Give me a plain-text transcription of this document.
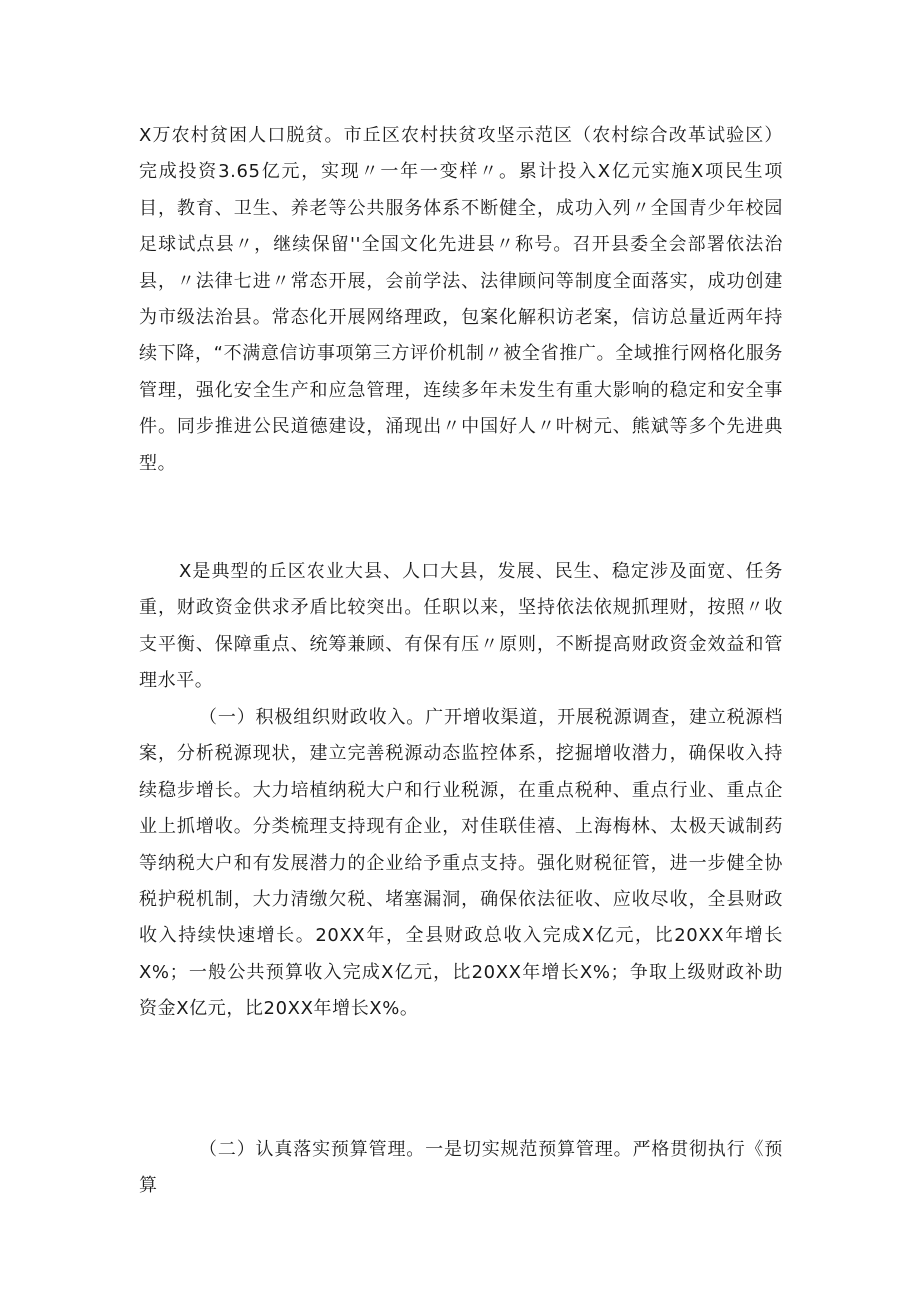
X万农村贫困人口脱贫。市丘区农村扶贫攻坚示范区（农村综合改革试验区）完成投资3.65亿元，实现〃一年一变样〃。累计投入X亿元实施X项民生项目，教育、卫生、养老等公共服务体系不断健全，成功入列〃全国青少年校园足球试点县〃，继续保留''全国文化先进县〃称号。召开县委全会部署依法治县，〃法律七进〃常态开展，会前学法、法律顾问等制度全面落实，成功创建为市级法治县。常态化开展网络理政，包案化解积访老案，信访总量近两年持续下降，“不满意信访事项第三方评价机制〃被全省推广。全域推行网格化服务管理，强化安全生产和应急管理，连续多年未发生有重大影响的稳定和安全事件。同步推进公民道德建设，涌现出〃中国好人〃叶树元、熊斌等多个先进典型。

X是典型的丘区农业大县、人口大县，发展、民生、稳定涉及面宽、任务重，财政资金供求矛盾比较突出。任职以来，坚持依法依规抓理财，按照〃收支平衡、保障重点、统筹兼顾、有保有压〃原则，不断提高财政资金效益和管理水平。

（一）积极组织财政收入。广开增收渠道，开展税源调查，建立税源档案，分析税源现状，建立完善税源动态监控体系，挖掘增收潜力，确保收入持续稳步增长。大力培植纳税大户和行业税源，在重点税种、重点行业、重点企业上抓增收。分类梳理支持现有企业，对佳联佳禧、上海梅林、太极天诚制药等纳税大户和有发展潜力的企业给予重点支持。强化财税征管，进一步健全协税护税机制，大力清缴欠税、堵塞漏洞，确保依法征收、应收尽收，全县财政收入持续快速增长。20XX年，全县财政总收入完成X亿元，比20XX年增长X%；一般公共预算收入完成X亿元，比20XX年增长X%；争取上级财政补助资金X亿元，比20XX年增长X%。

（二）认真落实预算管理。一是切实规范预算管理。严格贯彻执行《预算
